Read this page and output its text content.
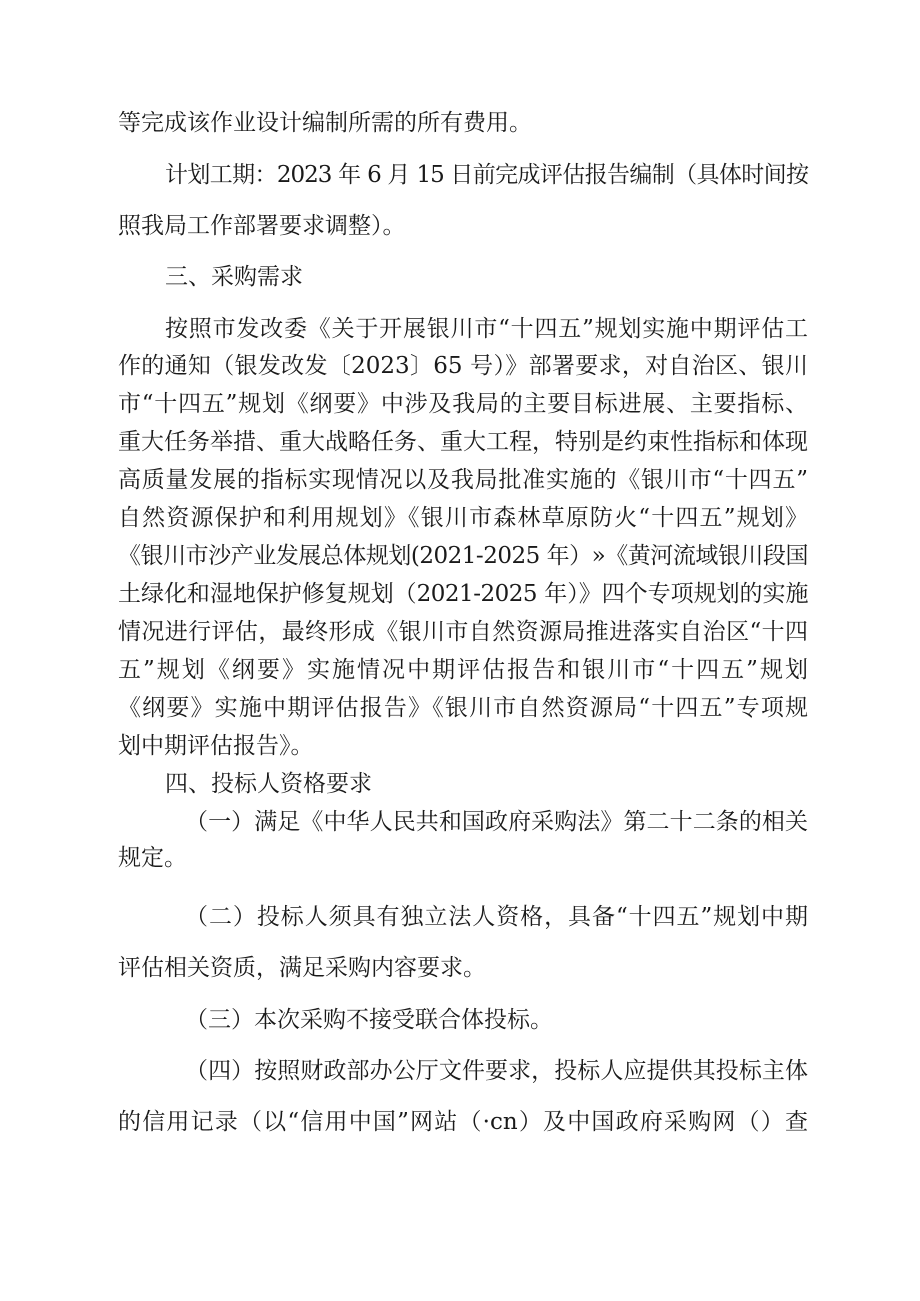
等完成该作业设计编制所需的所有费用。
计划工期：2023 年 6 月 15 日前完成评估报告编制（具体时间按
照我局工作部署要求调整）。
三、采购需求
按照市发改委《关于开展银川市“十四五”规划实施中期评估工
作的通知（银发改发〔2023〕65 号）》部署要求，对自治区、银川
市“十四五”规划《纲要》中涉及我局的主要目标进展、主要指标、
重大任务举措、重大战略任务、重大工程，特别是约束性指标和体现
高质量发展的指标实现情况以及我局批准实施的《银川市“十四五”
自然资源保护和利用规划》《银川市森林草原防火“十四五”规划》
《银川市沙产业发展总体规划(2021-2025 年）»《黄河流域银川段国
土绿化和湿地保护修复规划（2021-2025 年）》四个专项规划的实施
情况进行评估，最终形成《银川市自然资源局推进落实自治区“十四
五”规划《纲要》实施情况中期评估报告和银川市“十四五”规划
《纲要》实施中期评估报告》《银川市自然资源局“十四五”专项规
划中期评估报告》。
四、投标人资格要求
（一）满足《中华人民共和国政府采购法》第二十二条的相关
规定。
（二）投标人须具有独立法人资格，具备“十四五”规划中期
评估相关资质，满足采购内容要求。
（三）本次采购不接受联合体投标。
（四）按照财政部办公厅文件要求，投标人应提供其投标主体
的信用记录（以“信用中国”网站（·cn）及中国政府采购网（）查
